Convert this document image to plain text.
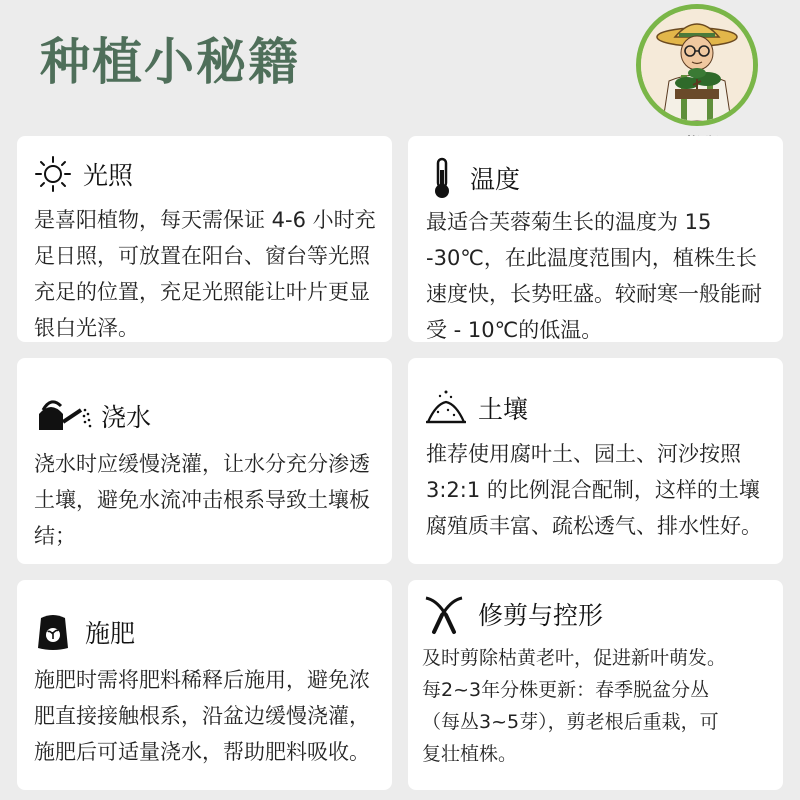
种植小秘籍
光照
是喜阳植物，每天需保证 4-6 小时充足日照，可放置在阳台、窗台等光照充足的位置，充足光照能让叶片更显银白光泽。
温度
最适合芙蓉菊生长的温度为 15 -30℃，在此温度范围内，植株生长速度快，长势旺盛。较耐寒一般能耐受 - 10℃的低温。
浇水
浇水时应缓慢浇灌，让水分充分渗透土壤，避免水流冲击根系导致土壤板结；
土壤
推荐使用腐叶土、园土、河沙按照 3:2:1 的比例混合配制，这样的土壤腐殖质丰富、疏松透气、排水性好。
施肥
施肥时需将肥料稀释后施用，避免浓肥直接接触根系，沿盆边缓慢浇灌，施肥后可适量浇水，帮助肥料吸收。
修剪与控形
及时剪除枯黄老叶，促进新叶萌发。
每2~3年分株更新：春季脱盆分丛
（每丛3~5芽），剪老根后重栽，可
复壮植株。
